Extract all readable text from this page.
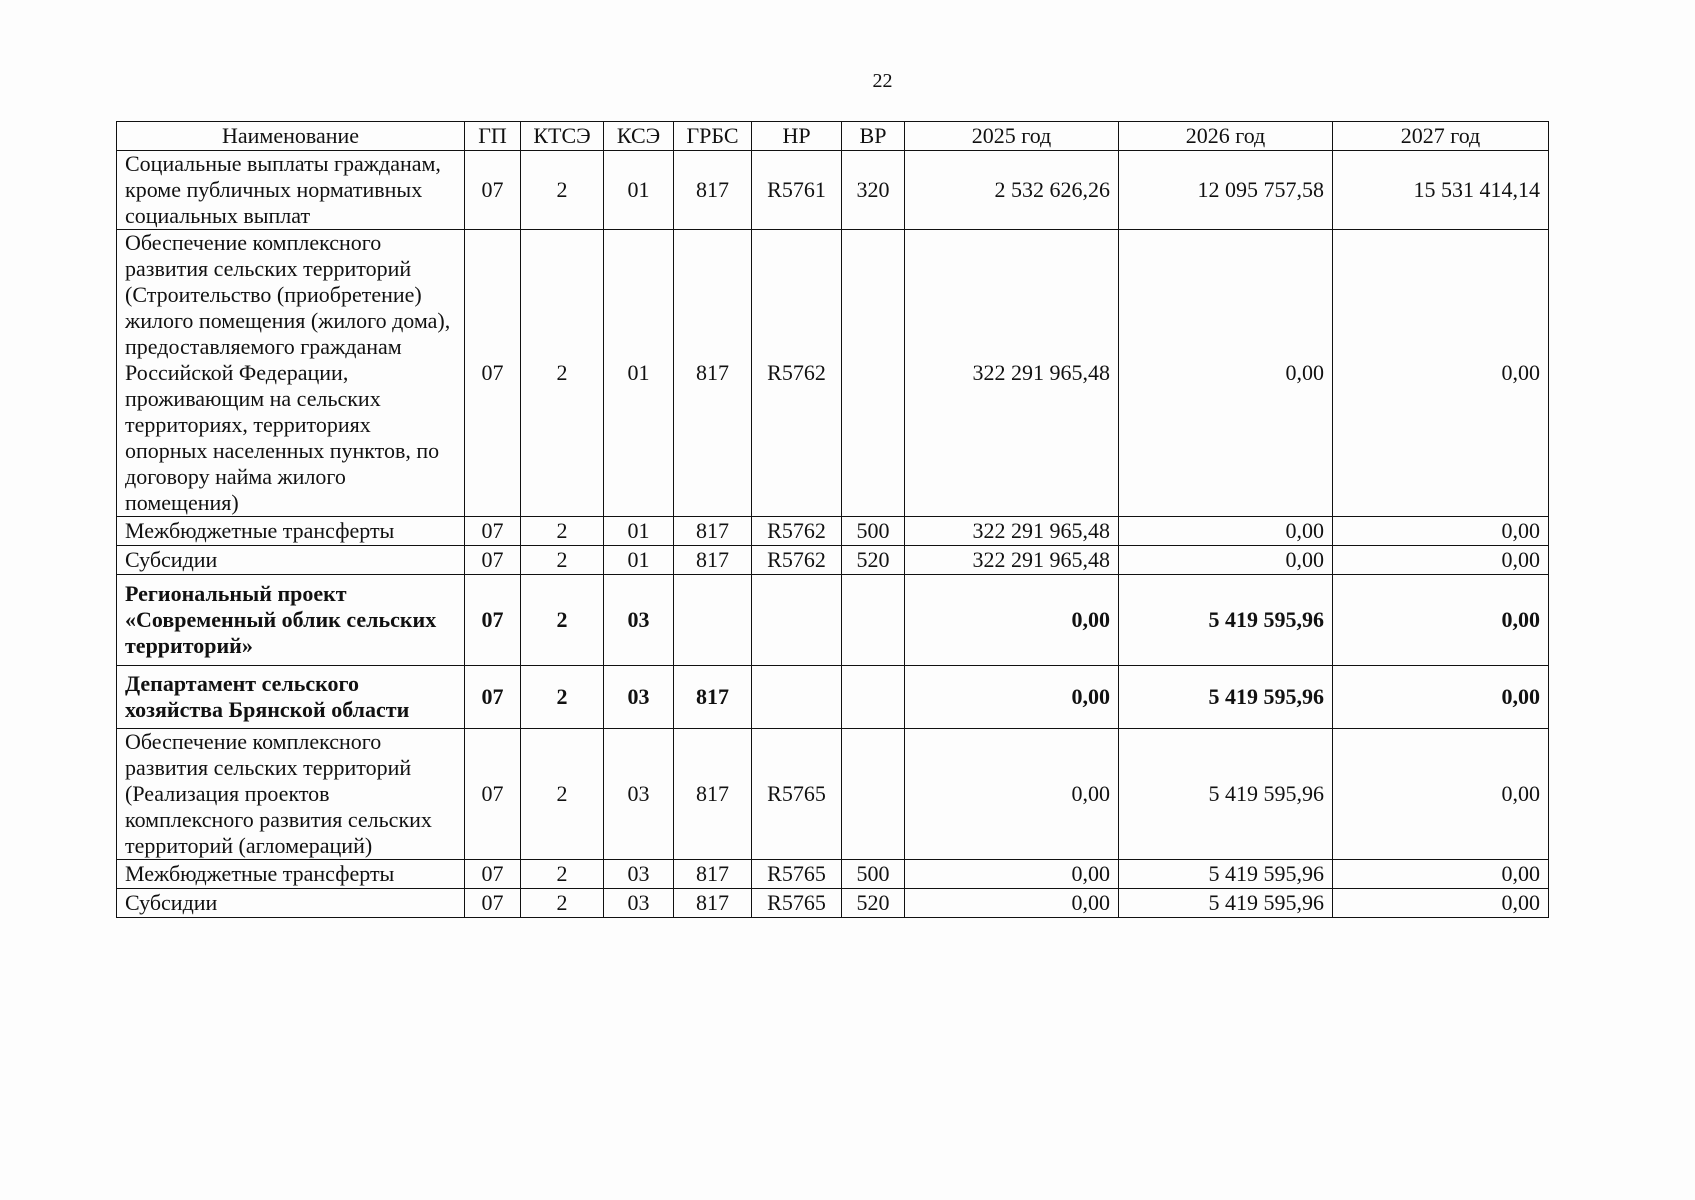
22
Наименование	ГП	КТСЭ	КСЭ	ГРБС	НР	ВР	2025 год	2026 год	2027 год
Социальные выплаты гражданам, кроме публичных нормативных социальных выплат	07	2	01	817	R5761	320	2 532 626,26	12 095 757,58	15 531 414,14
Обеспечение комплексного развития сельских территорий (Строительство (приобретение) жилого помещения (жилого дома), предоставляемого гражданам Российской Федерации, проживающим на сельских территориях, территориях опорных населенных пунктов, по договору найма жилого помещения)	07	2	01	817	R5762		322 291 965,48	0,00	0,00
Межбюджетные трансферты	07	2	01	817	R5762	500	322 291 965,48	0,00	0,00
Субсидии	07	2	01	817	R5762	520	322 291 965,48	0,00	0,00
Региональный проект «Современный облик сельских территорий»	07	2	03				0,00	5 419 595,96	0,00
Департамент сельского хозяйства Брянской области	07	2	03	817			0,00	5 419 595,96	0,00
Обеспечение комплексного развития сельских территорий (Реализация проектов комплексного развития сельских территорий (агломераций)	07	2	03	817	R5765		0,00	5 419 595,96	0,00
Межбюджетные трансферты	07	2	03	817	R5765	500	0,00	5 419 595,96	0,00
Субсидии	07	2	03	817	R5765	520	0,00	5 419 595,96	0,00
